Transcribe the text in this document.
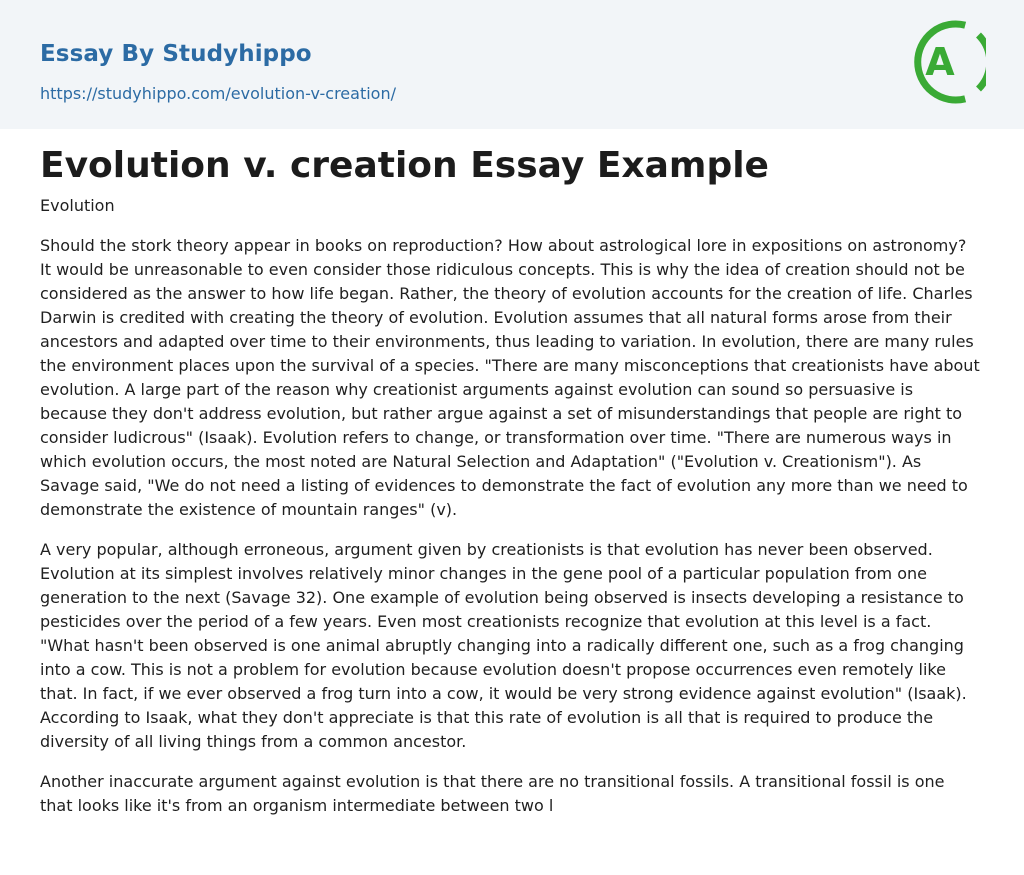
Essay By Studyhippo
https://studyhippo.com/evolution-v-creation/
A
Evolution v. creation Essay Example
Evolution

Should the stork theory appear in books on reproduction? How about astrological lore in expositions on astronomy?
It would be unreasonable to even consider those ridiculous concepts. This is why the idea of creation should not be
considered as the answer to how life began. Rather, the theory of evolution accounts for the creation of life. Charles
Darwin is credited with creating the theory of evolution. Evolution assumes that all natural forms arose from their
ancestors and adapted over time to their environments, thus leading to variation. In evolution, there are many rules
the environment places upon the survival of a species. "There are many misconceptions that creationists have about
evolution. A large part of the reason why creationist arguments against evolution can sound so persuasive is
because they don't address evolution, but rather argue against a set of misunderstandings that people are right to
consider ludicrous" (Isaak). Evolution refers to change, or transformation over time. "There are numerous ways in
which evolution occurs, the most noted are Natural Selection and Adaptation" ("Evolution v. Creationism"). As
Savage said, "We do not need a listing of evidences to demonstrate the fact of evolution any more than we need to
demonstrate the existence of mountain ranges" (v).

A very popular, although erroneous, argument given by creationists is that evolution has never been observed.
Evolution at its simplest involves relatively minor changes in the gene pool of a particular population from one
generation to the next (Savage 32). One example of evolution being observed is insects developing a resistance to
pesticides over the period of a few years. Even most creationists recognize that evolution at this level is a fact.
"What hasn't been observed is one animal abruptly changing into a radically different one, such as a frog changing
into a cow. This is not a problem for evolution because evolution doesn't propose occurrences even remotely like
that. In fact, if we ever observed a frog turn into a cow, it would be very strong evidence against evolution" (Isaak).
According to Isaak, what they don't appreciate is that this rate of evolution is all that is required to produce the
diversity of all living things from a common ancestor.

Another inaccurate argument against evolution is that there are no transitional fossils. A transitional fossil is one
that looks like it's from an organism intermediate between two l
